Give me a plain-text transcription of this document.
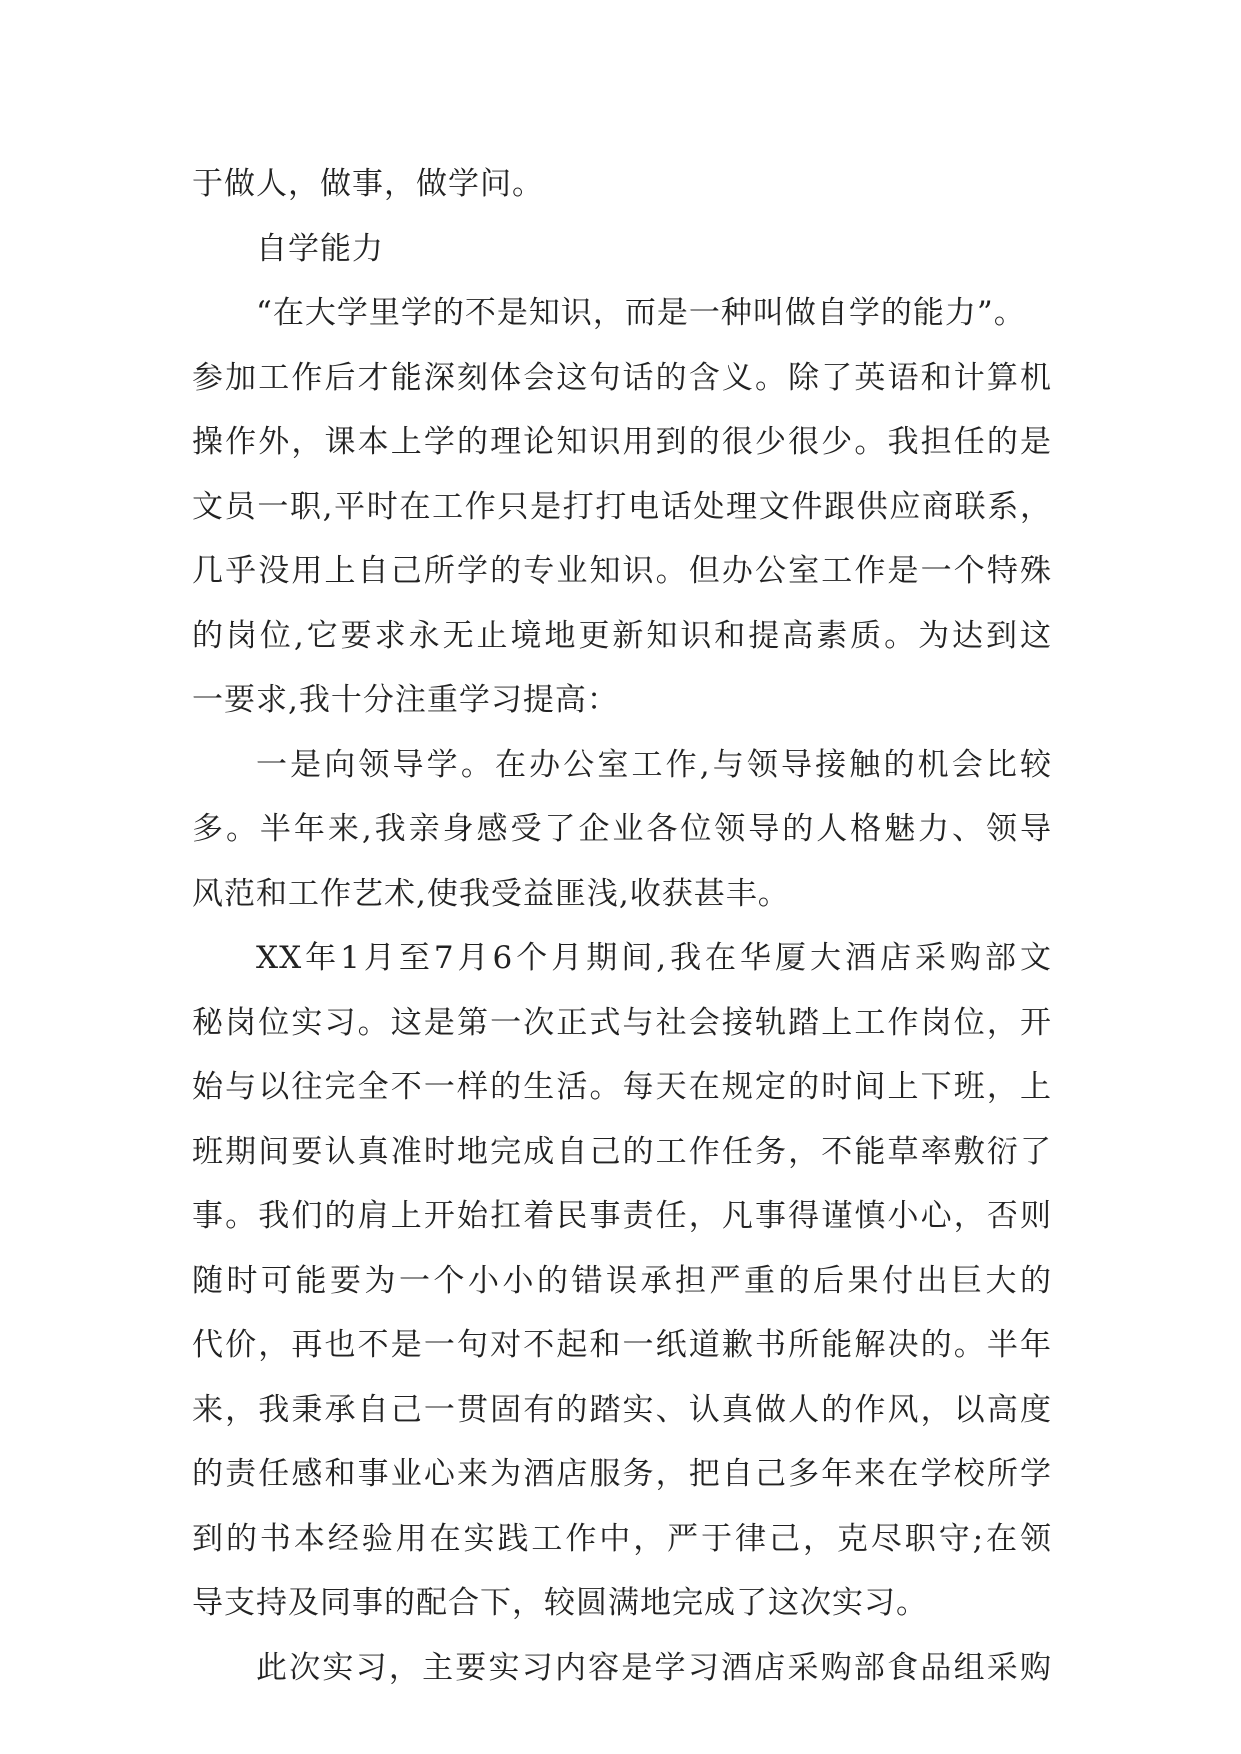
于做人，做事，做学问。
自学能力
“在大学里学的不是知识，而是一种叫做自学的能力”。
参加工作后才能深刻体会这句话的含义。除了英语和计算机
操作外，课本上学的理论知识用到的很少很少。我担任的是
文员一职,平时在工作只是打打电话处理文件跟供应商联系，
几乎没用上自己所学的专业知识。但办公室工作是一个特殊
的岗位,它要求永无止境地更新知识和提高素质。为达到这
一要求,我十分注重学习提高：
一是向领导学。在办公室工作,与领导接触的机会比较
多。半年来,我亲身感受了企业各位领导的人格魅力、领导
风范和工作艺术,使我受益匪浅,收获甚丰。
XX年1月至7月6个月期间,我在华厦大酒店采购部文
秘岗位实习。这是第一次正式与社会接轨踏上工作岗位，开
始与以往完全不一样的生活。每天在规定的时间上下班，上
班期间要认真准时地完成自己的工作任务，不能草率敷衍了
事。我们的肩上开始扛着民事责任，凡事得谨慎小心，否则
随时可能要为一个小小的错误承担严重的后果付出巨大的
代价，再也不是一句对不起和一纸道歉书所能解决的。半年
来，我秉承自己一贯固有的踏实、认真做人的作风，以高度
的责任感和事业心来为酒店服务，把自己多年来在学校所学
到的书本经验用在实践工作中，严于律己，克尽职守;在领
导支持及同事的配合下，较圆满地完成了这次实习。
此次实习，主要实习内容是学习酒店采购部食品组采购
